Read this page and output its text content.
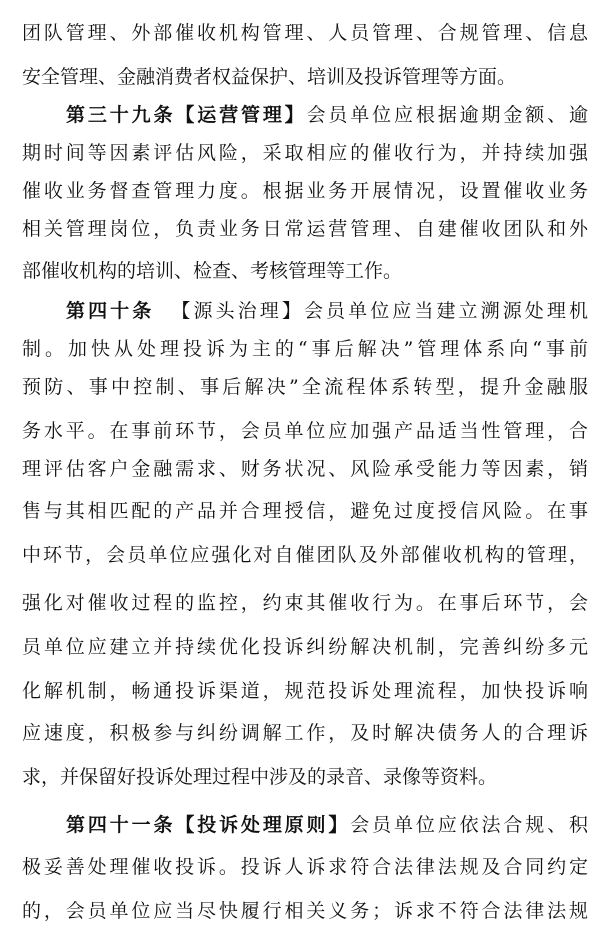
团队管理、外部催收机构管理、人员管理、合规管理、信息
安全管理、金融消费者权益保护、培训及投诉管理等方面。
第三十九条【运营管理】会员单位应根据逾期金额、逾
期时间等因素评估风险，采取相应的催收行为，并持续加强
催收业务督查管理力度。根据业务开展情况，设置催收业务
相关管理岗位，负责业务日常运营管理、自建催收团队和外
部催收机构的培训、检查、考核管理等工作。
第四十条 【源头治理】会员单位应当建立溯源处理机
制。加快从处理投诉为主的“事后解决”管理体系向“事前
预防、事中控制、事后解决”全流程体系转型，提升金融服
务水平。在事前环节，会员单位应加强产品适当性管理，合
理评估客户金融需求、财务状况、风险承受能力等因素，销
售与其相匹配的产品并合理授信，避免过度授信风险。在事
中环节，会员单位应强化对自催团队及外部催收机构的管理，
强化对催收过程的监控，约束其催收行为。在事后环节，会
员单位应建立并持续优化投诉纠纷解决机制，完善纠纷多元
化解机制，畅通投诉渠道，规范投诉处理流程，加快投诉响
应速度，积极参与纠纷调解工作，及时解决债务人的合理诉
求，并保留好投诉处理过程中涉及的录音、录像等资料。
第四十一条【投诉处理原则】会员单位应依法合规、积
极妥善处理催收投诉。投诉人诉求符合法律法规及合同约定
的，会员单位应当尽快履行相关义务；诉求不符合法律法规
